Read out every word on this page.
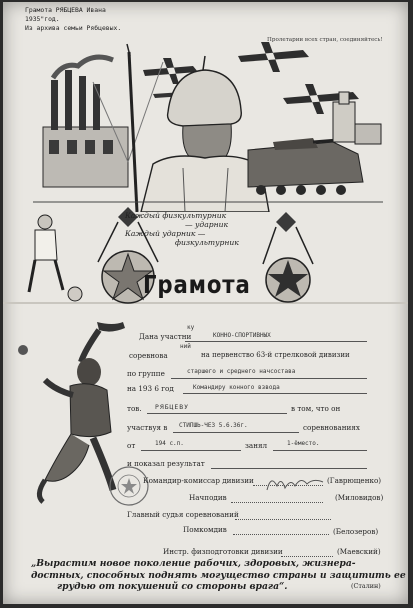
Грамота РЯБЦЕВА Ивана
1935"год.
Из архива семьи Рябцевых.
Пролетарии всех стран, соединяйтесь!
Каждый физкультурник
— ударник
Каждый ударник —
физкультурник
Грамота
Дана участни
ку
КОННО-СПОРТИВНЫХ
соревнова
ний
на первенство 63-й стрелковой дивизии
по группе	старшего и среднего начсостава
на 193 6 год	Командиру конного взвода
тов. РЯБЦЕВУ	в том, что он
участвуя в СТИПШЬ-ЧЕЗ 5.6.36г.	соревнованиях
от	194 с.п.	занял	1-ёместо.
и показал результат
Командир-комиссар дивизии	(Гаврющенко)
Начподив	(Миловидов)
Главный судья соревнований
Помкомдив	(Белозеров)
Инстр. физподготовки дивизии	(Маевский)
„Вырастим новое поколение рабочих, здоровых, жизнера-
достных, способных поднять могущество страны и защитить ее
грудью от покушений со стороны врага“.	(Сталин)
